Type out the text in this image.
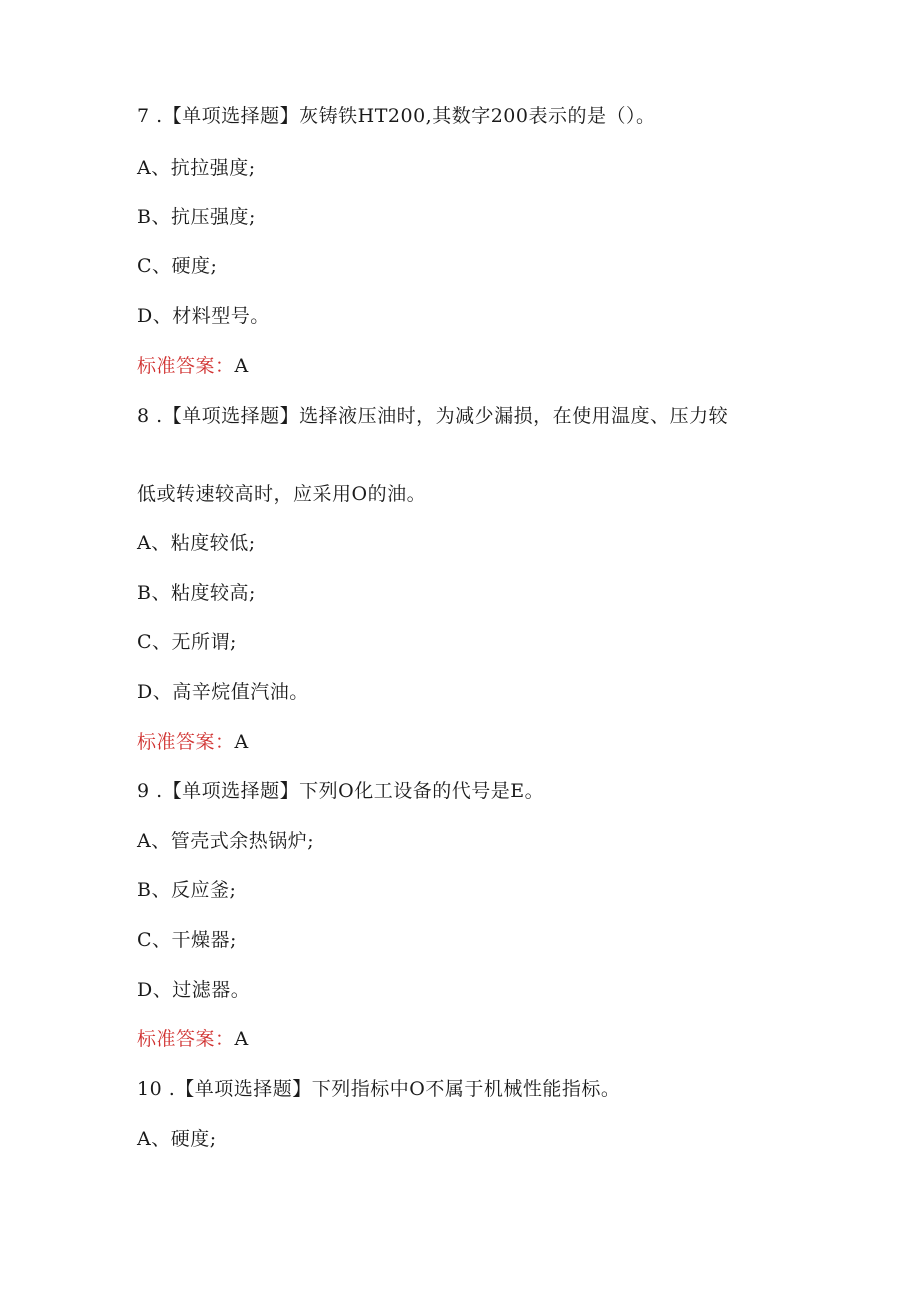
7 .【单项选择题】灰铸铁HT200,其数字200表示的是（）。
A、抗拉强度;
B、抗压强度;
C、硬度;
D、材料型号。
标准答案：A
8 .【单项选择题】选择液压油时，为减少漏损，在使用温度、压力较
低或转速较高时，应采用O的油。
A、粘度较低;
B、粘度较高;
C、无所谓;
D、高辛烷值汽油。
标准答案：A
9 .【单项选择题】下列O化工设备的代号是E。
A、管壳式余热锅炉;
B、反应釜;
C、干燥器;
D、过滤器。
标准答案：A
10 .【单项选择题】下列指标中O不属于机械性能指标。
A、硬度;
